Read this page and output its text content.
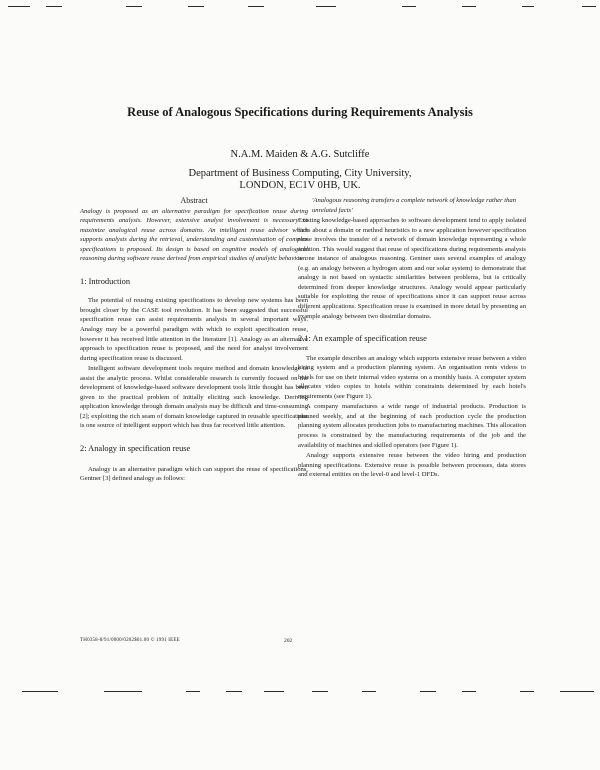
Reuse of Analogous Specifications during Requirements Analysis
N.A.M. Maiden & A.G. Sutcliffe
Department of Business Computing, City University,
LONDON, EC1V 0HB, UK.
Abstract

Analogy is proposed as an alternative paradigm for specification reuse during requirements analysis. However, extensive analyst involvement is necessary to maximize analogical reuse across domains. An intelligent reuse advisor which supports analysts during the retrieval, understanding and customisation of complex specifications is proposed. Its design is based on cognitive models of analogical reasoning during software reuse derived from empirical studies of analytic behaviour.

1: Introduction

The potential of reusing existing specifications to develop new systems has been brought closer by the CASE tool revolution. It has been suggested that successful specification reuse can assist requirements analysis in several important ways. Analogy may be a powerful paradigm with which to exploit specification reuse, however it has received little attention in the literature [1]. Analogy as an alternative approach to specification reuse is proposed, and the need for analyst involvement during specification reuse is discussed.

Intelligent software development tools require method and domain knowledge to assist the analytic process. Whilst considerable research is currently focused on the development of knowledge-based software development tools little thought has been given to the practical problem of initially eliciting such knowledge. Deriving application knowledge through domain analysis may be difficult and time-consuming [2]; exploiting the rich seam of domain knowledge captured in reusable specifications is one source of intelligent support which has thus far received little attention.

2: Analogy in specification reuse

Analogy is an alternative paradigm which can support the reuse of specifications, Gentner [3] defined analogy as follows:

'Analogous reasoning transfers a complete network of knowledge rather than unrelated facts'

Existing knowledge-based approaches to software development tend to apply isolated facts about a domain or method heuristics to a new application however specification reuse involves the transfer of a network of domain knowledge representing a whole solution. This would suggest that reuse of specifications during requirements analysis is one instance of analogous reasoning. Gentner uses several examples of analogy (e.g. an analogy between a hydrogen atom and our solar system) to demonstrate that analogy is not based on syntactic similarities between problems, but is critically determined from deeper knowledge structures. Analogy would appear particularly suitable for exploiting the reuse of specifications since it can support reuse across different applications. Specification reuse is examined in more detail by presenting an example analogy between two dissimilar domains.

2.1: An example of specification reuse

The example describes an analogy which supports extensive reuse between a video hiring system and a production planning system. An organisation rents videos to hotels for use on their internal video systems on a monthly basis. A computer system allocates video copies to hotels within constraints determined by each hotel's requirements (see Figure 1).

A company manufactures a wide range of industrial products. Production is planned weekly, and at the beginning of each production cycle the production planning system allocates production jobs to manufacturing machines. This allocation process is constrained by the manufacturing requirements of the job and the availability of machines and skilled operators (see Figure 1).

Analogy supports extensive reuse between the video hiring and production planning specifications. Extensive reuse is possible between processes, data stores and external entities on the level-0 and level-1 DFDs.

TH0358-8/91/0000/0202$01.00 © 1991 IEEE	202
